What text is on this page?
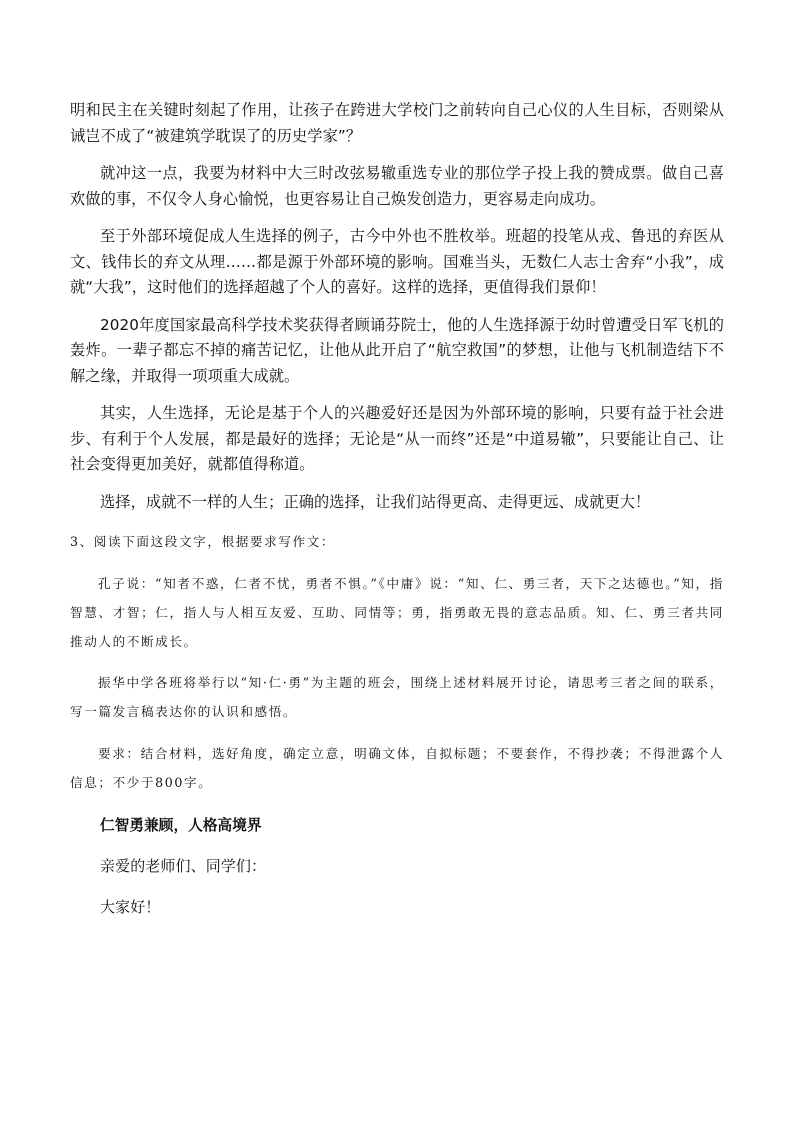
明和民主在关键时刻起了作用，让孩子在跨进大学校门之前转向自己心仪的人生目标，否则梁从诫岂不成了“被建筑学耽误了的历史学家”？

就冲这一点，我要为材料中大三时改弦易辙重选专业的那位学子投上我的赞成票。做自己喜欢做的事，不仅令人身心愉悦，也更容易让自己焕发创造力，更容易走向成功。

至于外部环境促成人生选择的例子，古今中外也不胜枚举。班超的投笔从戎、鲁迅的弃医从文、钱伟长的弃文从理……都是源于外部环境的影响。国难当头，无数仁人志士舍弃“小我”，成就“大我”，这时他们的选择超越了个人的喜好。这样的选择，更值得我们景仰！

2020年度国家最高科学技术奖获得者顾诵芬院士，他的人生选择源于幼时曾遭受日军飞机的轰炸。一辈子都忘不掉的痛苦记忆，让他从此开启了“航空救国”的梦想，让他与飞机制造结下不解之缘，并取得一项项重大成就。

其实，人生选择，无论是基于个人的兴趣爱好还是因为外部环境的影响，只要有益于社会进步、有利于个人发展，都是最好的选择；无论是“从一而终”还是“中道易辙”，只要能让自己、让社会变得更加美好，就都值得称道。

选择，成就不一样的人生；正确的选择，让我们站得更高、走得更远、成就更大！

3、阅读下面这段文字，根据要求写作文：

孔子说：“知者不惑，仁者不忧，勇者不惧。”《中庸》说：“知、仁、勇三者，天下之达德也。”知，指智慧、才智；仁，指人与人相互友爱、互助、同情等；勇，指勇敢无畏的意志品质。知、仁、勇三者共同推动人的不断成长。

振华中学各班将举行以“知·仁·勇”为主题的班会，围绕上述材料展开讨论，请思考三者之间的联系，写一篇发言稿表达你的认识和感悟。

要求：结合材料，选好角度，确定立意，明确文体，自拟标题；不要套作，不得抄袭；不得泄露个人信息；不少于800字。

仁智勇兼顾，人格高境界

亲爱的老师们、同学们：

大家好！
